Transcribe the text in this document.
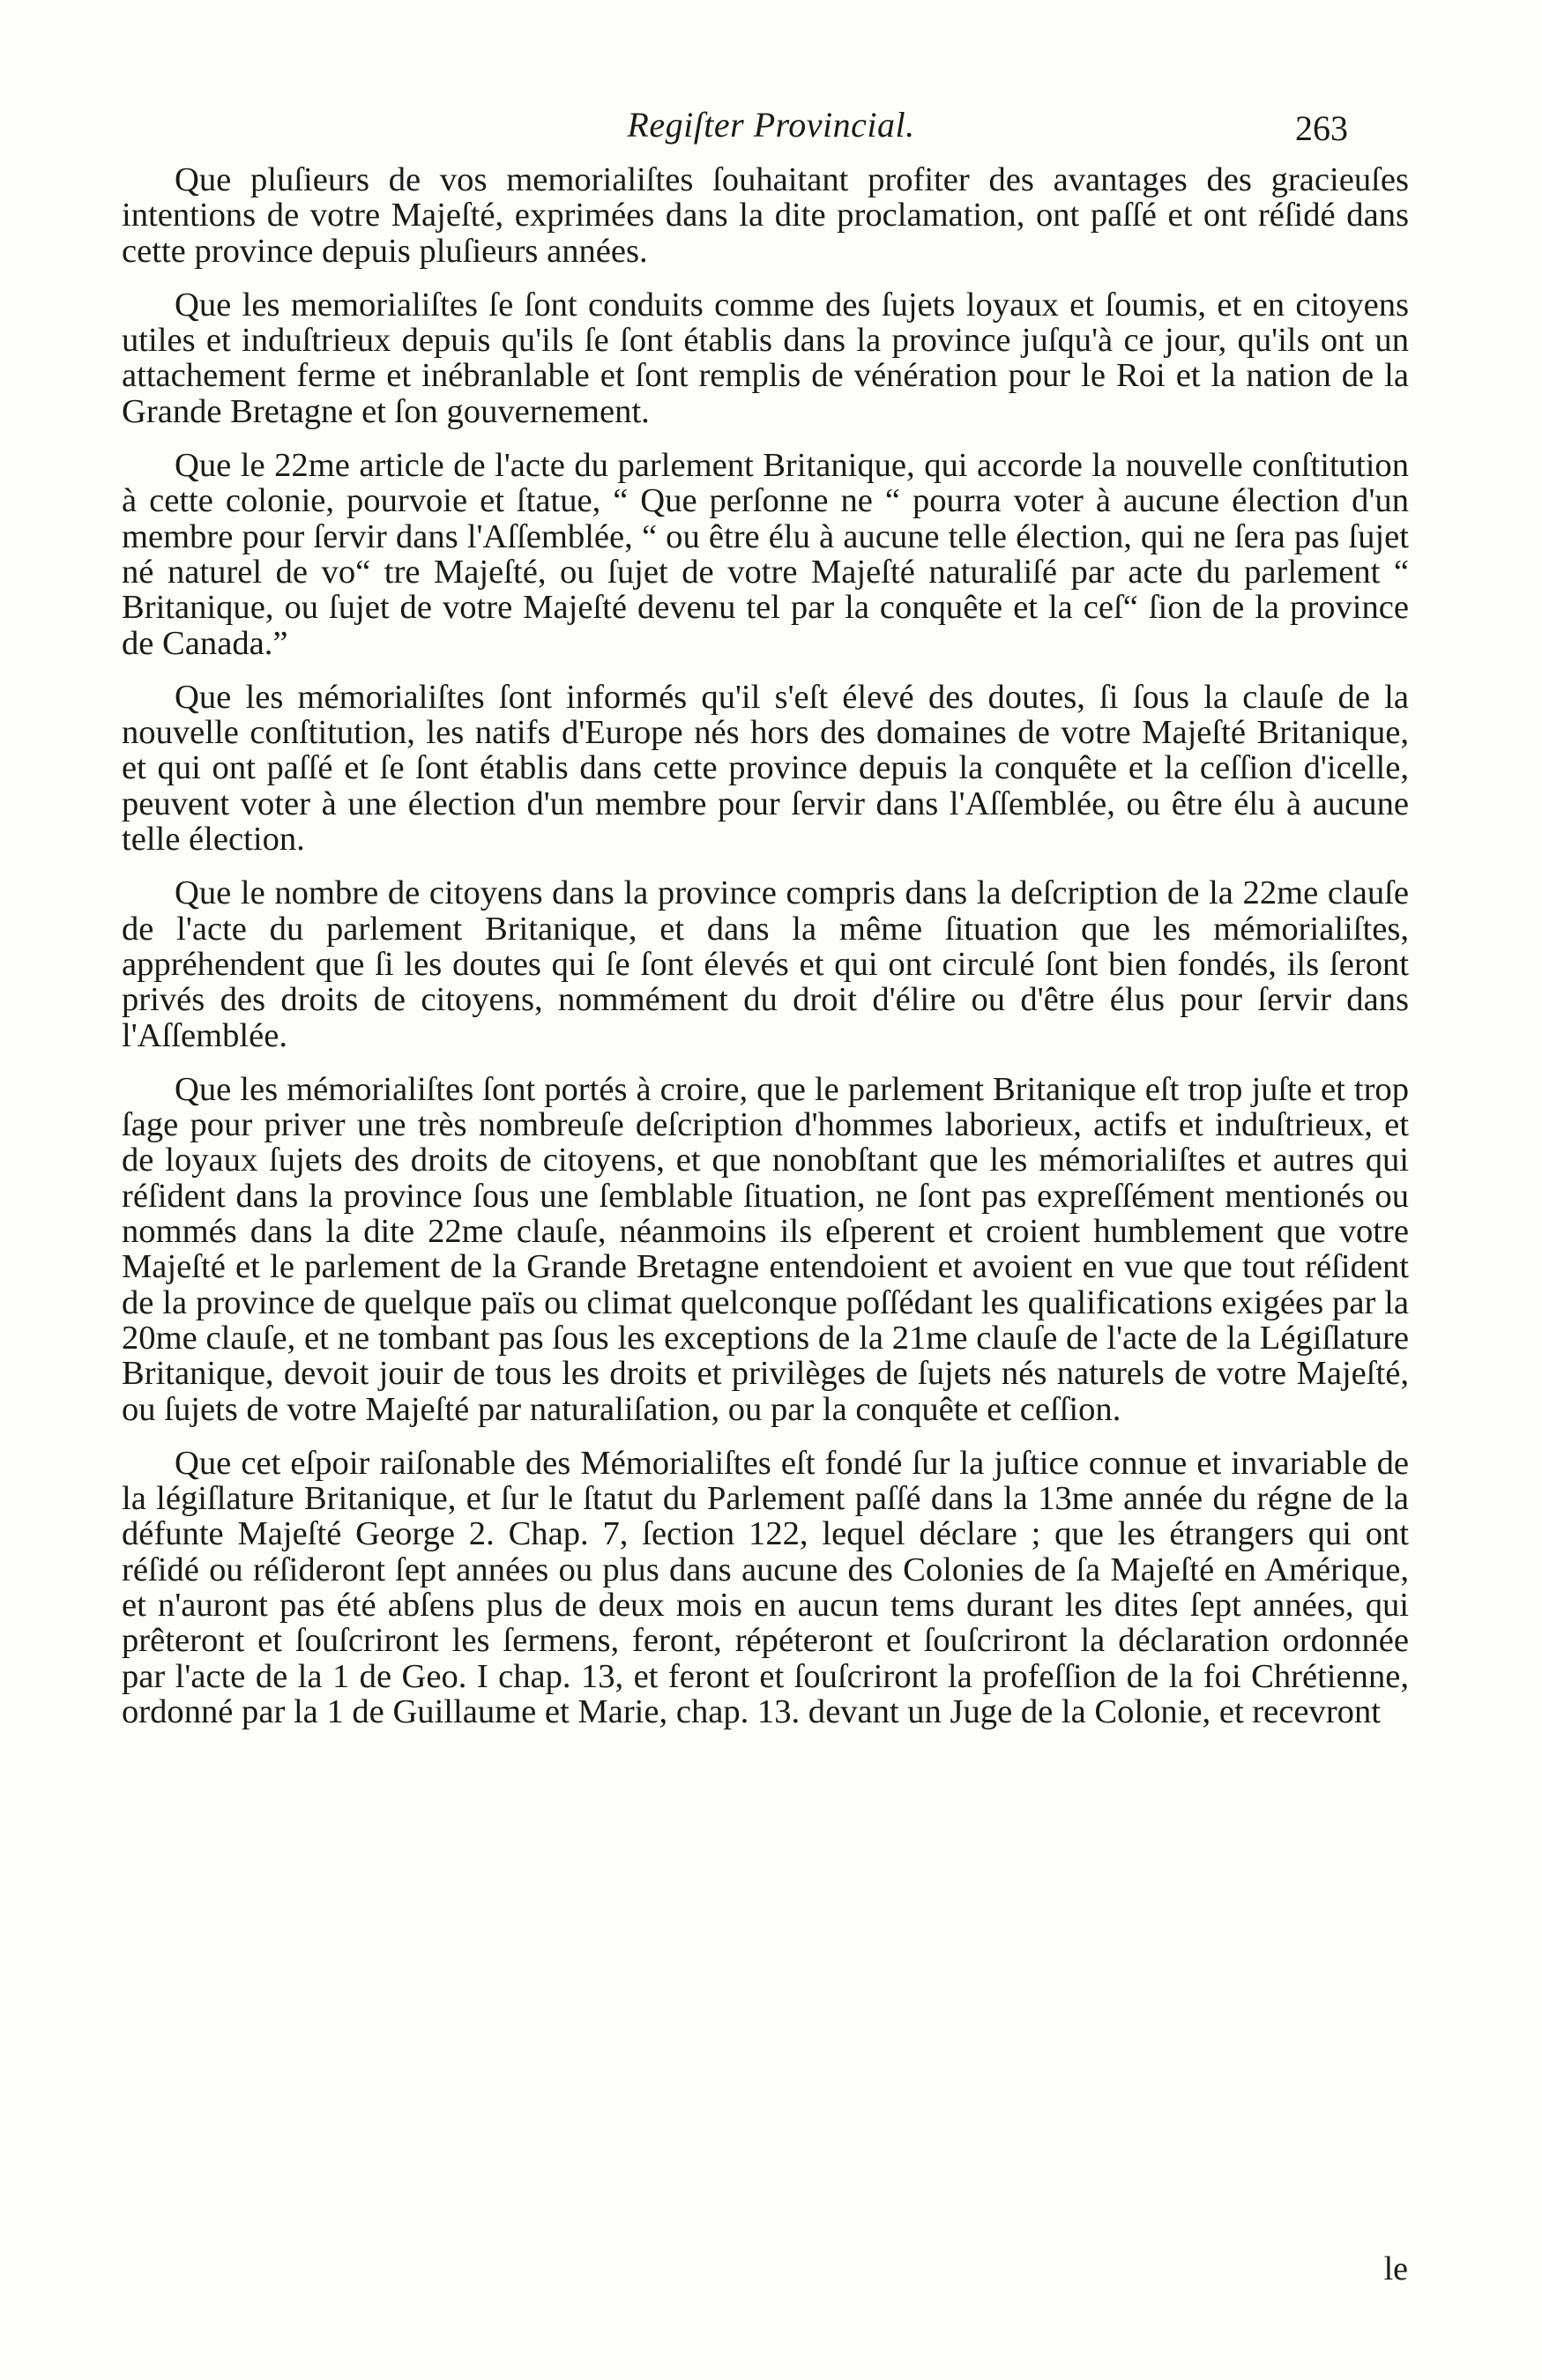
Regiſter Provincial.	263

Que pluſieurs de vos memorialiſtes ſouhaitant profiter des avantages des gracieuſes intentions de votre Majeſté, exprimées dans la dite proclamation, ont paſſé et ont réſidé dans cette province depuis pluſieurs années.

Que les memorialiſtes ſe ſont conduits comme des ſujets loyaux et ſoumis, et en citoyens utiles et induſtrieux depuis qu'ils ſe ſont établis dans la province juſqu'à ce jour, qu'ils ont un attachement ferme et inébranlable et ſont remplis de vénération pour le Roi et la nation de la Grande Bretagne et ſon gouvernement.

Que le 22me article de l'acte du parlement Britanique, qui accorde la nouvelle conſtitution à cette colonie, pourvoie et ſtatue, “ Que perſonne ne “ pourra voter à aucune élection d'un membre pour ſervir dans l'Aſſemblée, “ ou être élu à aucune telle élection, qui ne ſera pas ſujet né naturel de vo“ tre Majeſté, ou ſujet de votre Majeſté naturaliſé par acte du parlement “ Britanique, ou ſujet de votre Majeſté devenu tel par la conquête et la ceſ“ ſion de la province de Canada.”

Que les mémorialiſtes ſont informés qu'il s'eſt élevé des doutes, ſi ſous la clauſe de la nouvelle conſtitution, les natifs d'Europe nés hors des domaines de votre Majeſté Britanique, et qui ont paſſé et ſe ſont établis dans cette province depuis la conquête et la ceſſion d'icelle, peuvent voter à une élection d'un membre pour ſervir dans l'Aſſemblée, ou être élu à aucune telle élection.

Que le nombre de citoyens dans la province compris dans la deſcription de la 22me clauſe de l'acte du parlement Britanique, et dans la même ſituation que les mémorialiſtes, appréhendent que ſi les doutes qui ſe ſont élevés et qui ont circulé ſont bien fondés, ils ſeront privés des droits de citoyens, nommément du droit d'élire ou d'être élus pour ſervir dans l'Aſſemblée.

Que les mémorialiſtes ſont portés à croire, que le parlement Britanique eſt trop juſte et trop ſage pour priver une très nombreuſe deſcription d'hommes laborieux, actifs et induſtrieux, et de loyaux ſujets des droits de citoyens, et que nonobſtant que les mémorialiſtes et autres qui réſident dans la province ſous une ſemblable ſituation, ne ſont pas expreſſément mentionés ou nommés dans la dite 22me clauſe, néanmoins ils eſperent et croient humblement que votre Majeſté et le parlement de la Grande Bretagne entendoient et avoient en vue que tout réſident de la province de quelque païs ou climat quelconque poſſédant les qualifications exigées par la 20me clauſe, et ne tombant pas ſous les exceptions de la 21me clauſe de l'acte de la Légiſlature Britanique, devoit jouir de tous les droits et privilèges de ſujets nés naturels de votre Majeſté, ou ſujets de votre Majeſté par naturaliſation, ou par la conquête et ceſſion.

Que cet eſpoir raiſonable des Mémorialiſtes eſt fondé ſur la juſtice connue et invariable de la légiſlature Britanique, et ſur le ſtatut du Parlement paſſé dans la 13me année du régne de la défunte Majeſté George 2. Chap. 7, ſection 122, lequel déclare ; que les étrangers qui ont réſidé ou réſideront ſept années ou plus dans aucune des Colonies de ſa Majeſté en Amérique, et n'auront pas été abſens plus de deux mois en aucun tems durant les dites ſept années, qui prêteront et ſouſcriront les ſermens, feront, répéteront et ſouſcriront la déclaration ordonnée par l'acte de la 1 de Geo. I chap. 13, et feront et ſouſcriront la profeſſion de la foi Chrétienne, ordonné par la 1 de Guillaume et Marie, chap. 13. devant un Juge de la Colonie, et recevront

le
